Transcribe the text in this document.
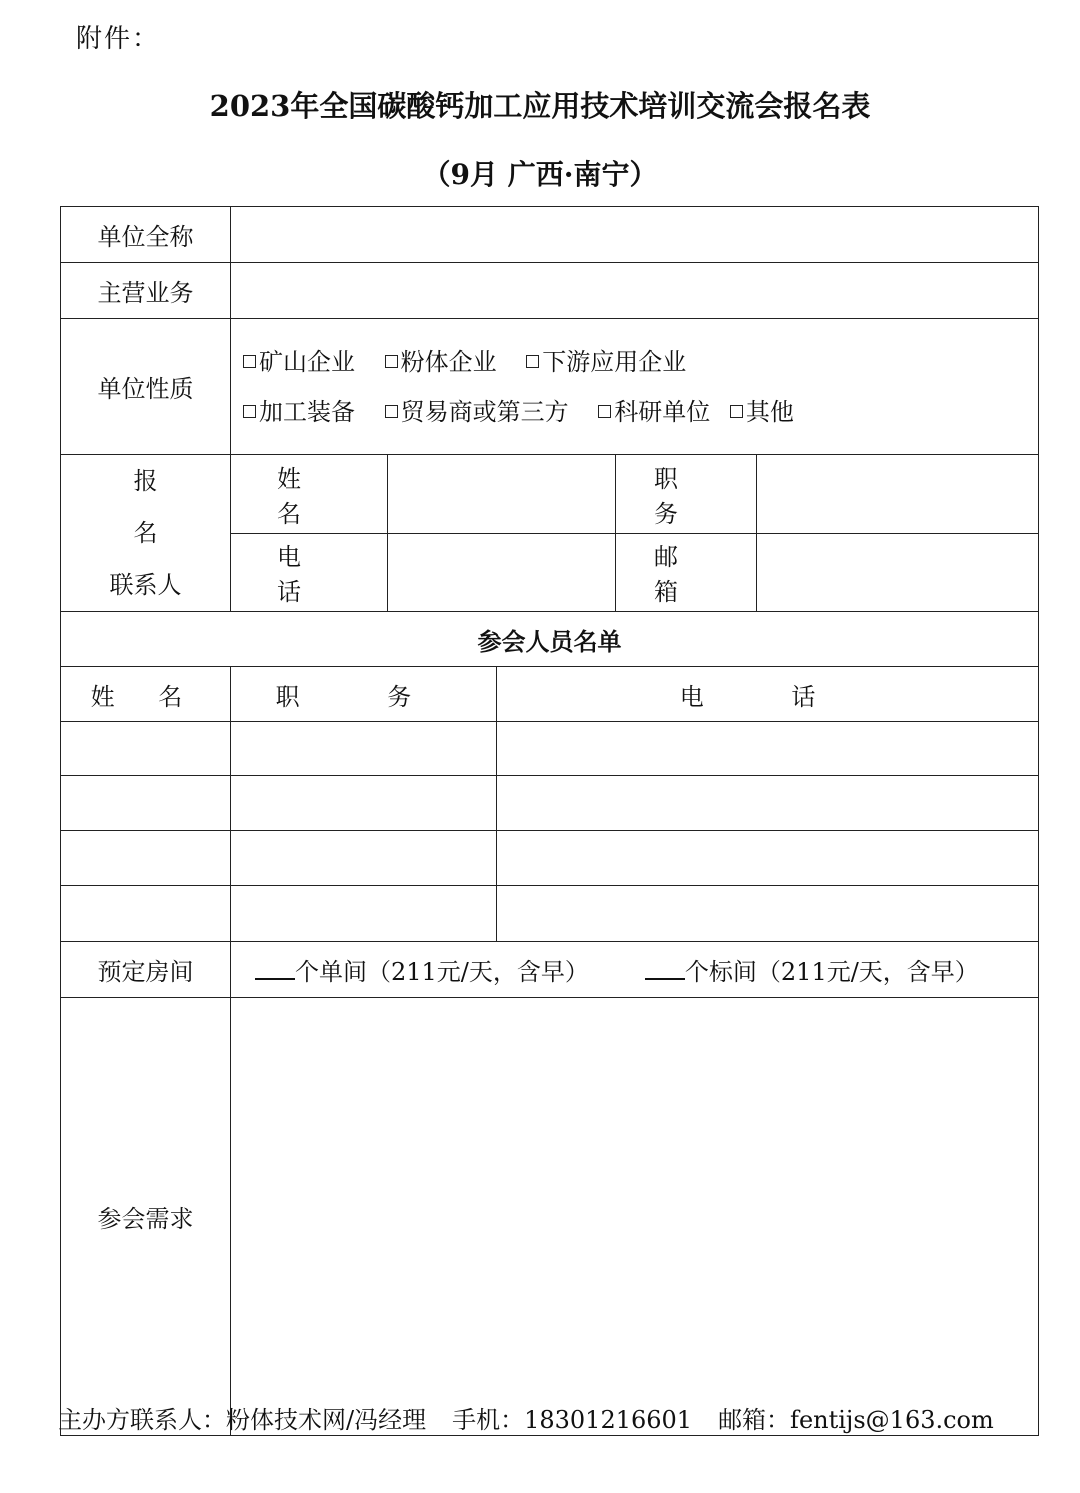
附件：
2023年全国碳酸钙加工应用技术培训交流会报名表
（9月 广西·南宁）
单位全称					
主营业务					
单位性质	矿山企业 粉体企业 下游应用企业
加工装备 贸易商或第三方 科研单位 其他				

报 名
联系人	姓 名			职 务	
	电 话			邮 箱	
参会人员名单					
姓 名	职 务		电 话		

预定房间	个单间（211元/天，含早） 个标间（211元/天，含早）				
参会需求					
主办方联系人：粉体技术网/冯经理 手机：18301216601 邮箱：fentijs@163.com
